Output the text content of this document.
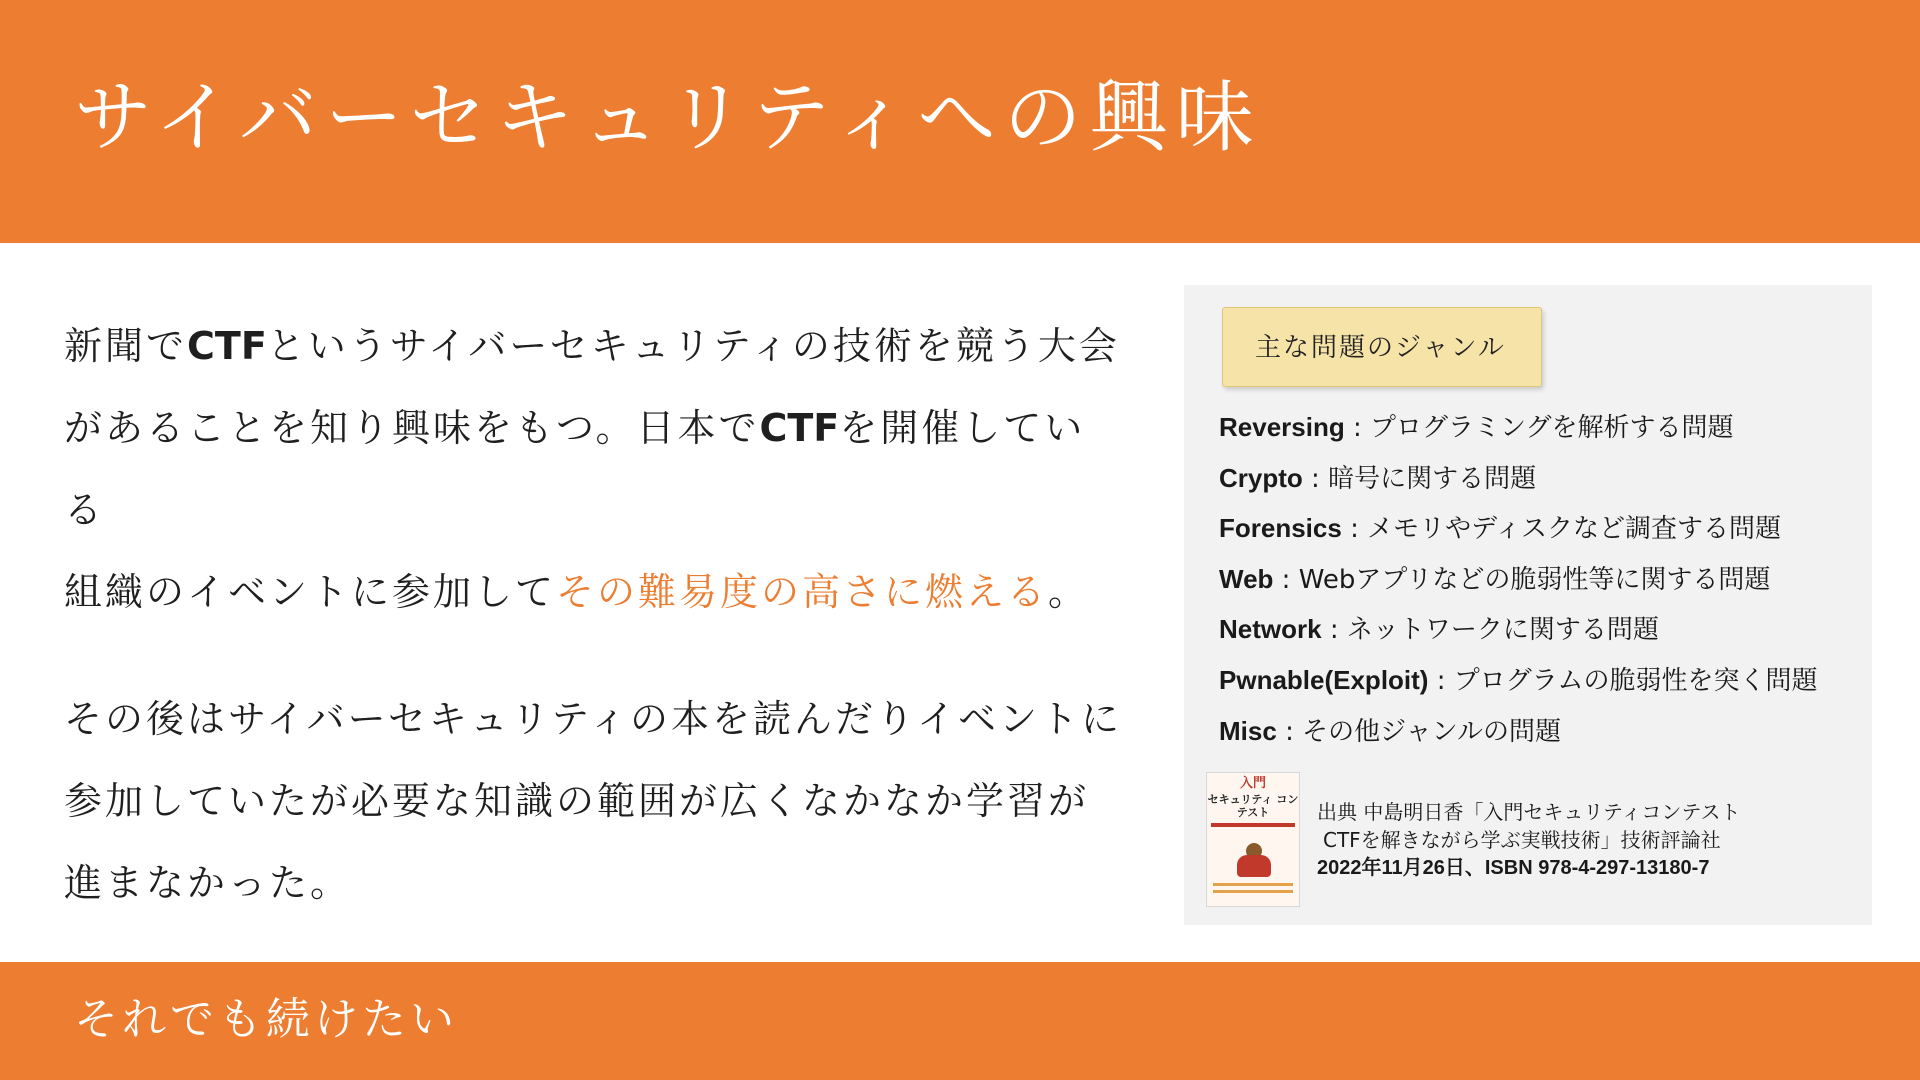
サイバーセキュリティへの興味

新聞でCTFというサイバーセキュリティの技術を競う大会
があることを知り興味をもつ。日本でCTFを開催している
組織のイベントに参加してその難易度の高さに燃える。

その後はサイバーセキュリティの本を読んだりイベントに
参加していたが必要な知識の範囲が広くなかなか学習が
進まなかった。

主な問題のジャンル
Reversing : プログラミングを解析する問題
Crypto : 暗号に関する問題
Forensics : メモリやディスクなど調査する問題
Web : Webアプリなどの脆弱性等に関する問題
Network : ネットワークに関する問題
Pwnable(Exploit) : プログラムの脆弱性を突く問題
Misc : その他ジャンルの問題
入門
セキュリティ コンテスト	出典 中島明日香「入門セキュリティコンテスト
CTFを解きながら学ぶ実戦技術」技術評論社
2022年11月26日、ISBN 978-4-297-13180-7
それでも続けたい
